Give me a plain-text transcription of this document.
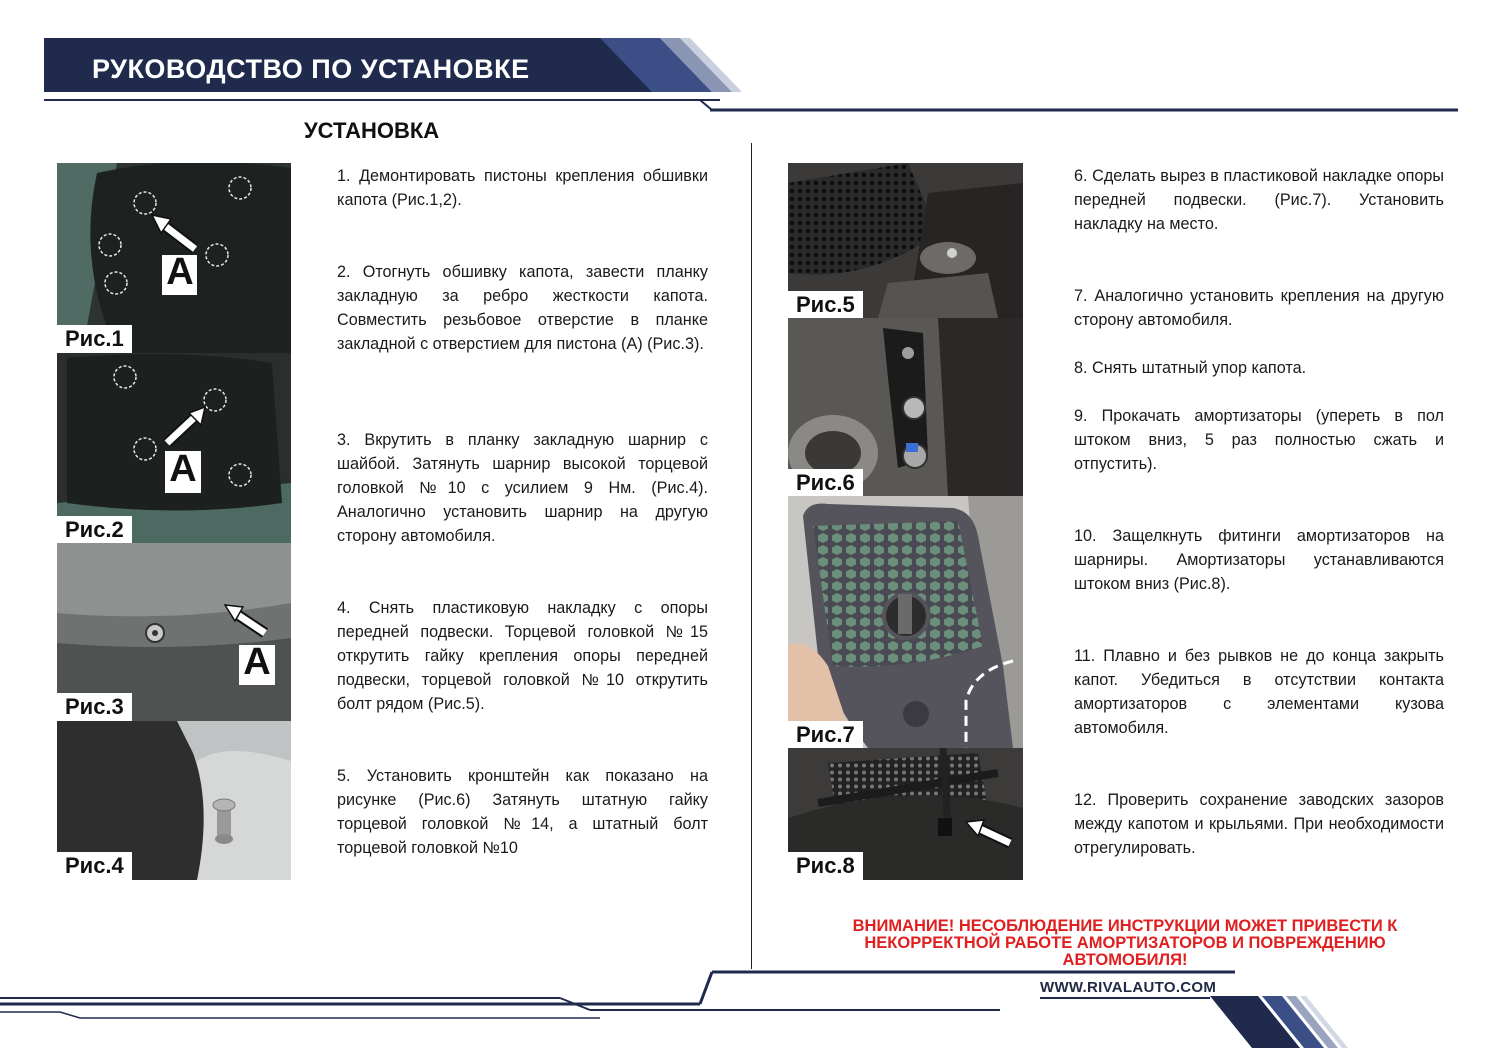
РУКОВОДСТВО ПО УСТАНОВКЕ
УСТАНОВКА
A
Рис.1
A
Рис.2
A
Рис.3
Рис.4
Рис.5
Рис.6
Рис.7
Рис.8
1. Демонтировать пистоны крепления обшивки капота (Рис.1,2).
2. Отогнуть обшивку капота, завести планку закладную за ребро жесткости капота. Совместить резьбовое отверстие в планке закладной с отверстием для пистона (А) (Рис.3).
3. Вкрутить в планку закладную шарнир с шайбой. Затянуть шарнир высокой торцевой головкой №10 с усилием 9 Нм. (Рис.4). Аналогично установить шарнир на другую сторону автомобиля.
4. Снять пластиковую накладку с опоры передней подвески. Торцевой головкой №15 открутить гайку крепления опоры передней подвески, торцевой головкой №10 открутить болт рядом (Рис.5).
5. Установить кронштейн как показано на рисунке (Рис.6) Затянуть штатную гайку торцевой головкой №14, а штатный болт торцевой головкой №10
6. Сделать вырез в пластиковой накладке опоры передней подвески. (Рис.7). Установить накладку на место.
7. Аналогично установить крепления на другую сторону автомобиля.
8. Снять штатный упор капота.
9. Прокачать амортизаторы (упереть в пол штоком вниз, 5 раз полностью сжать и отпустить).
10. Защелкнуть фитинги амортизаторов на шарниры. Амортизаторы устанавливаются штоком вниз (Рис.8).
11. Плавно и без рывков не до конца закрыть капот. Убедиться в отсутствии контакта амортизаторов с элементами кузова автомобиля.
12. Проверить сохранение заводских зазоров между капотом и крыльями. При необходимости отрегулировать.
ВНИМАНИЕ! НЕСОБЛЮДЕНИЕ ИНСТРУКЦИИ МОЖЕТ ПРИВЕСТИ К НЕКОРРЕКТНОЙ РАБОТЕ АМОРТИЗАТОРОВ И ПОВРЕЖДЕНИЮ АВТОМОБИЛЯ!
WWW.RIVALAUTO.COM
